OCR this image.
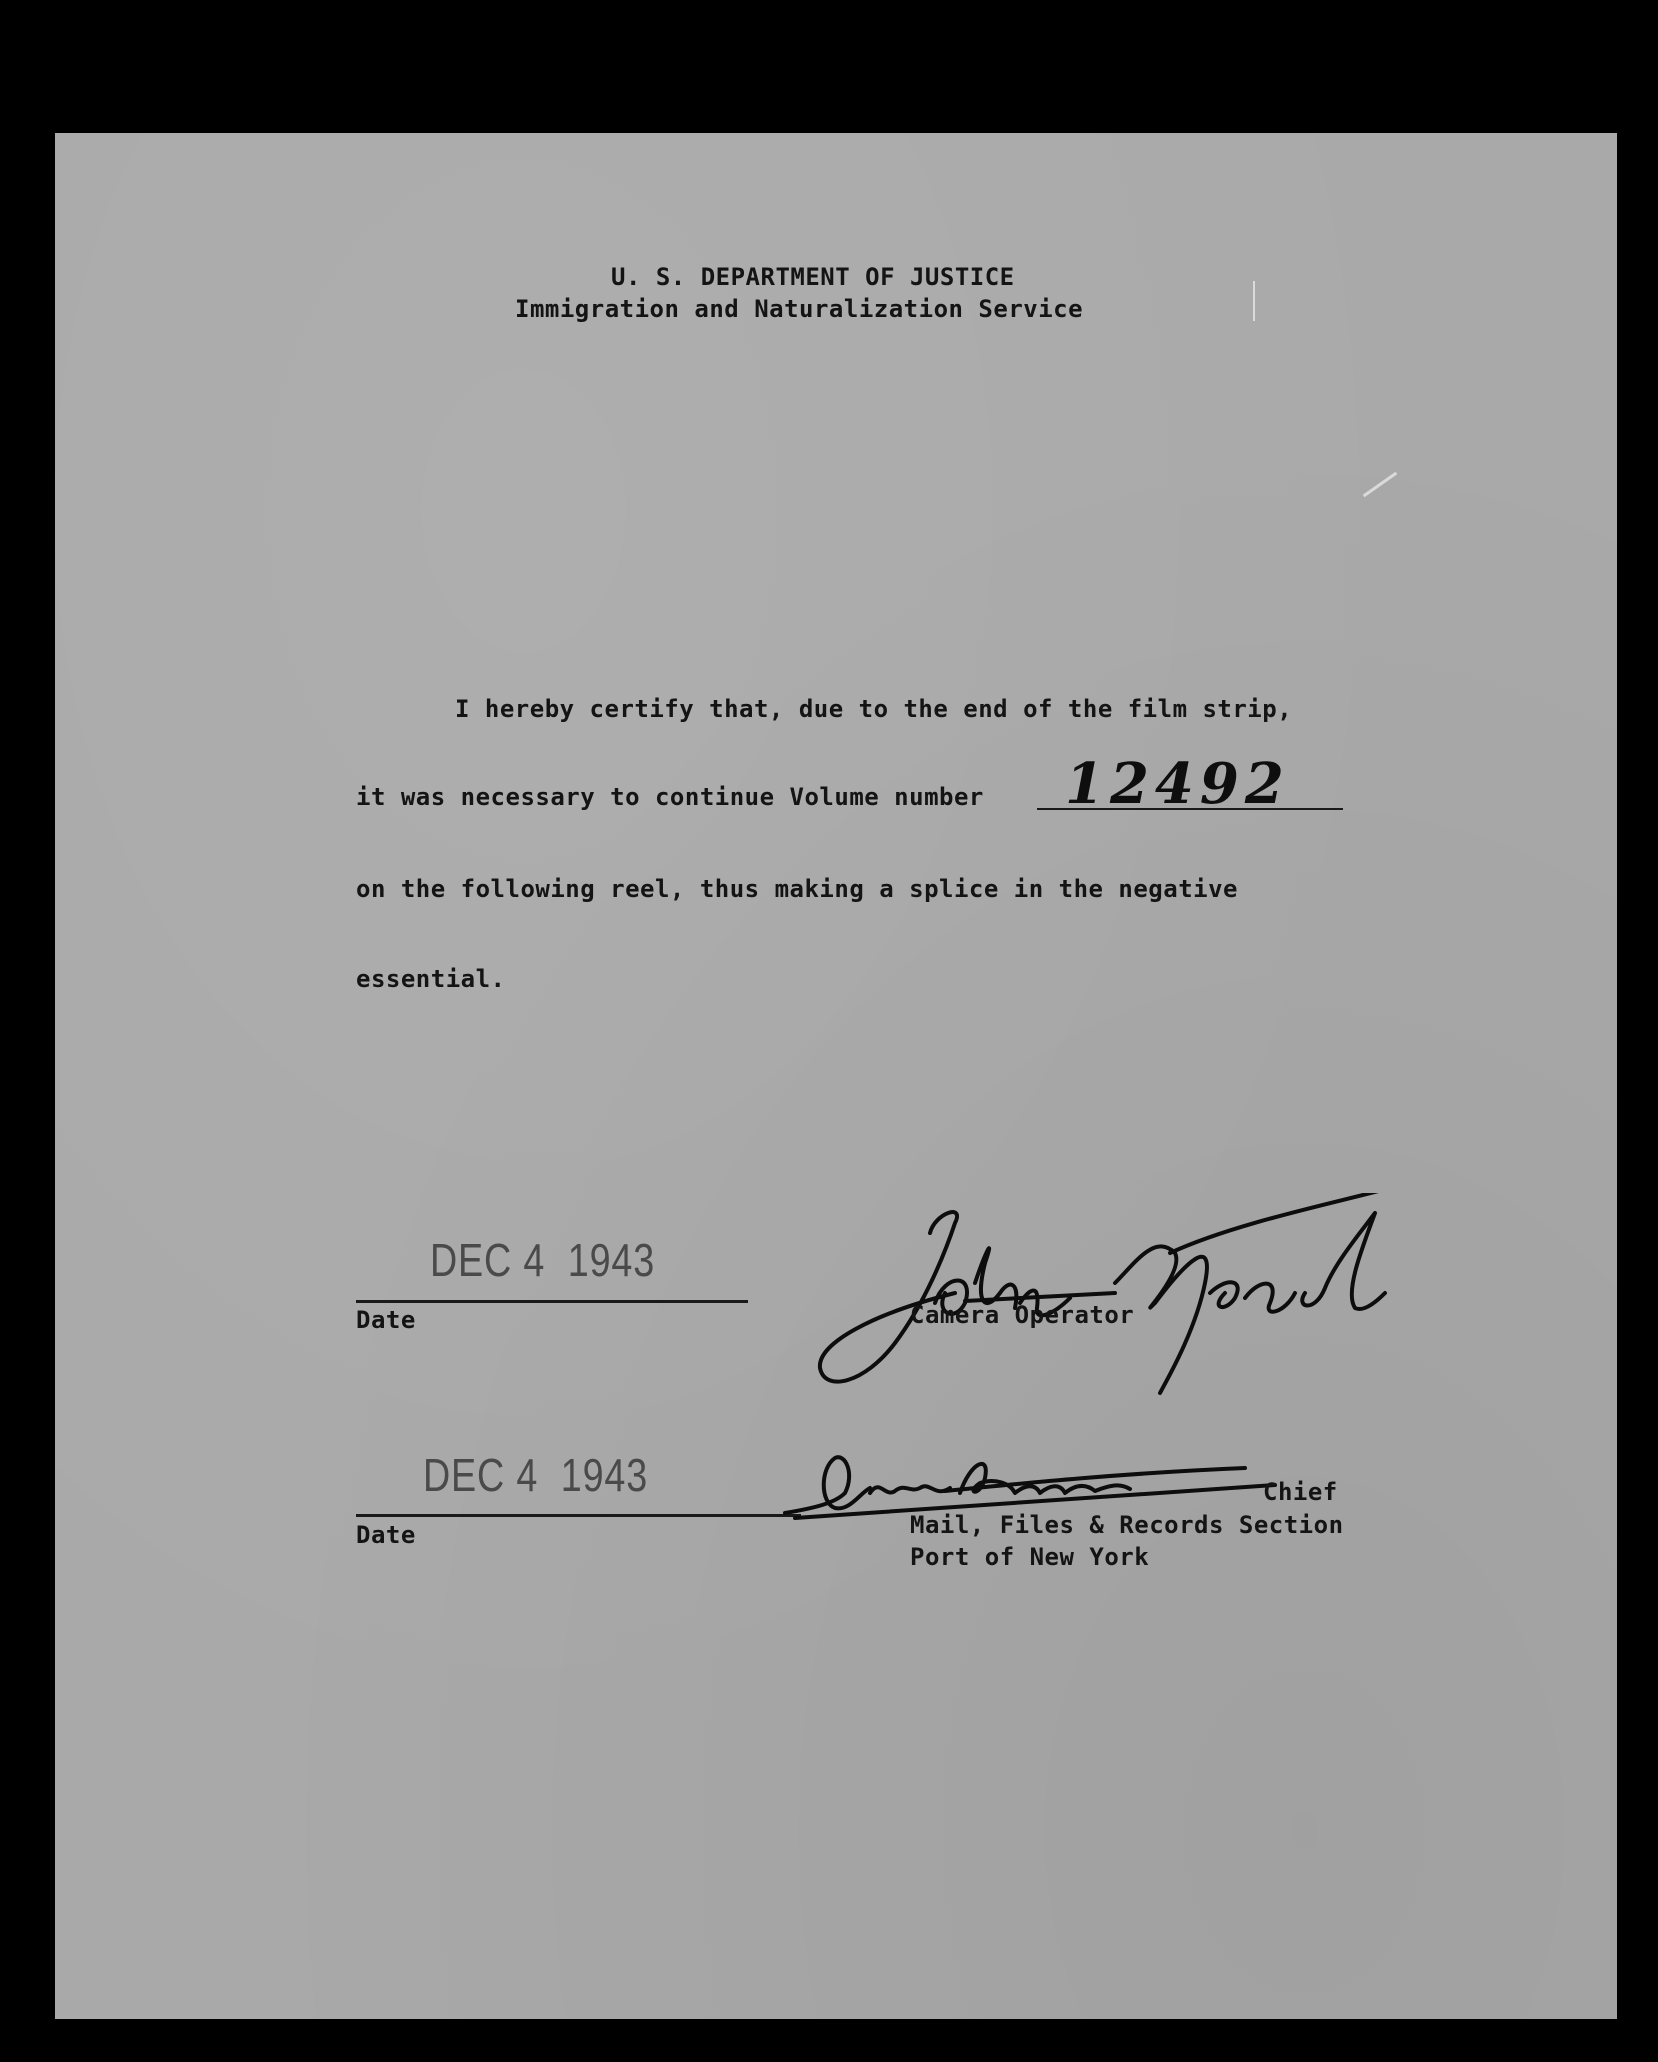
U. S. DEPARTMENT OF JUSTICE
Immigration and Naturalization Service
I hereby certify that, due to the end of the film strip,
it was necessary to continue Volume number 12492
on the following reel, thus making a splice in the negative
essential.
DEC 4  1943
Date	Camera Operator
DEC 4  1943
Date
Chief
Mail, Files & Records Section
Port of New York
